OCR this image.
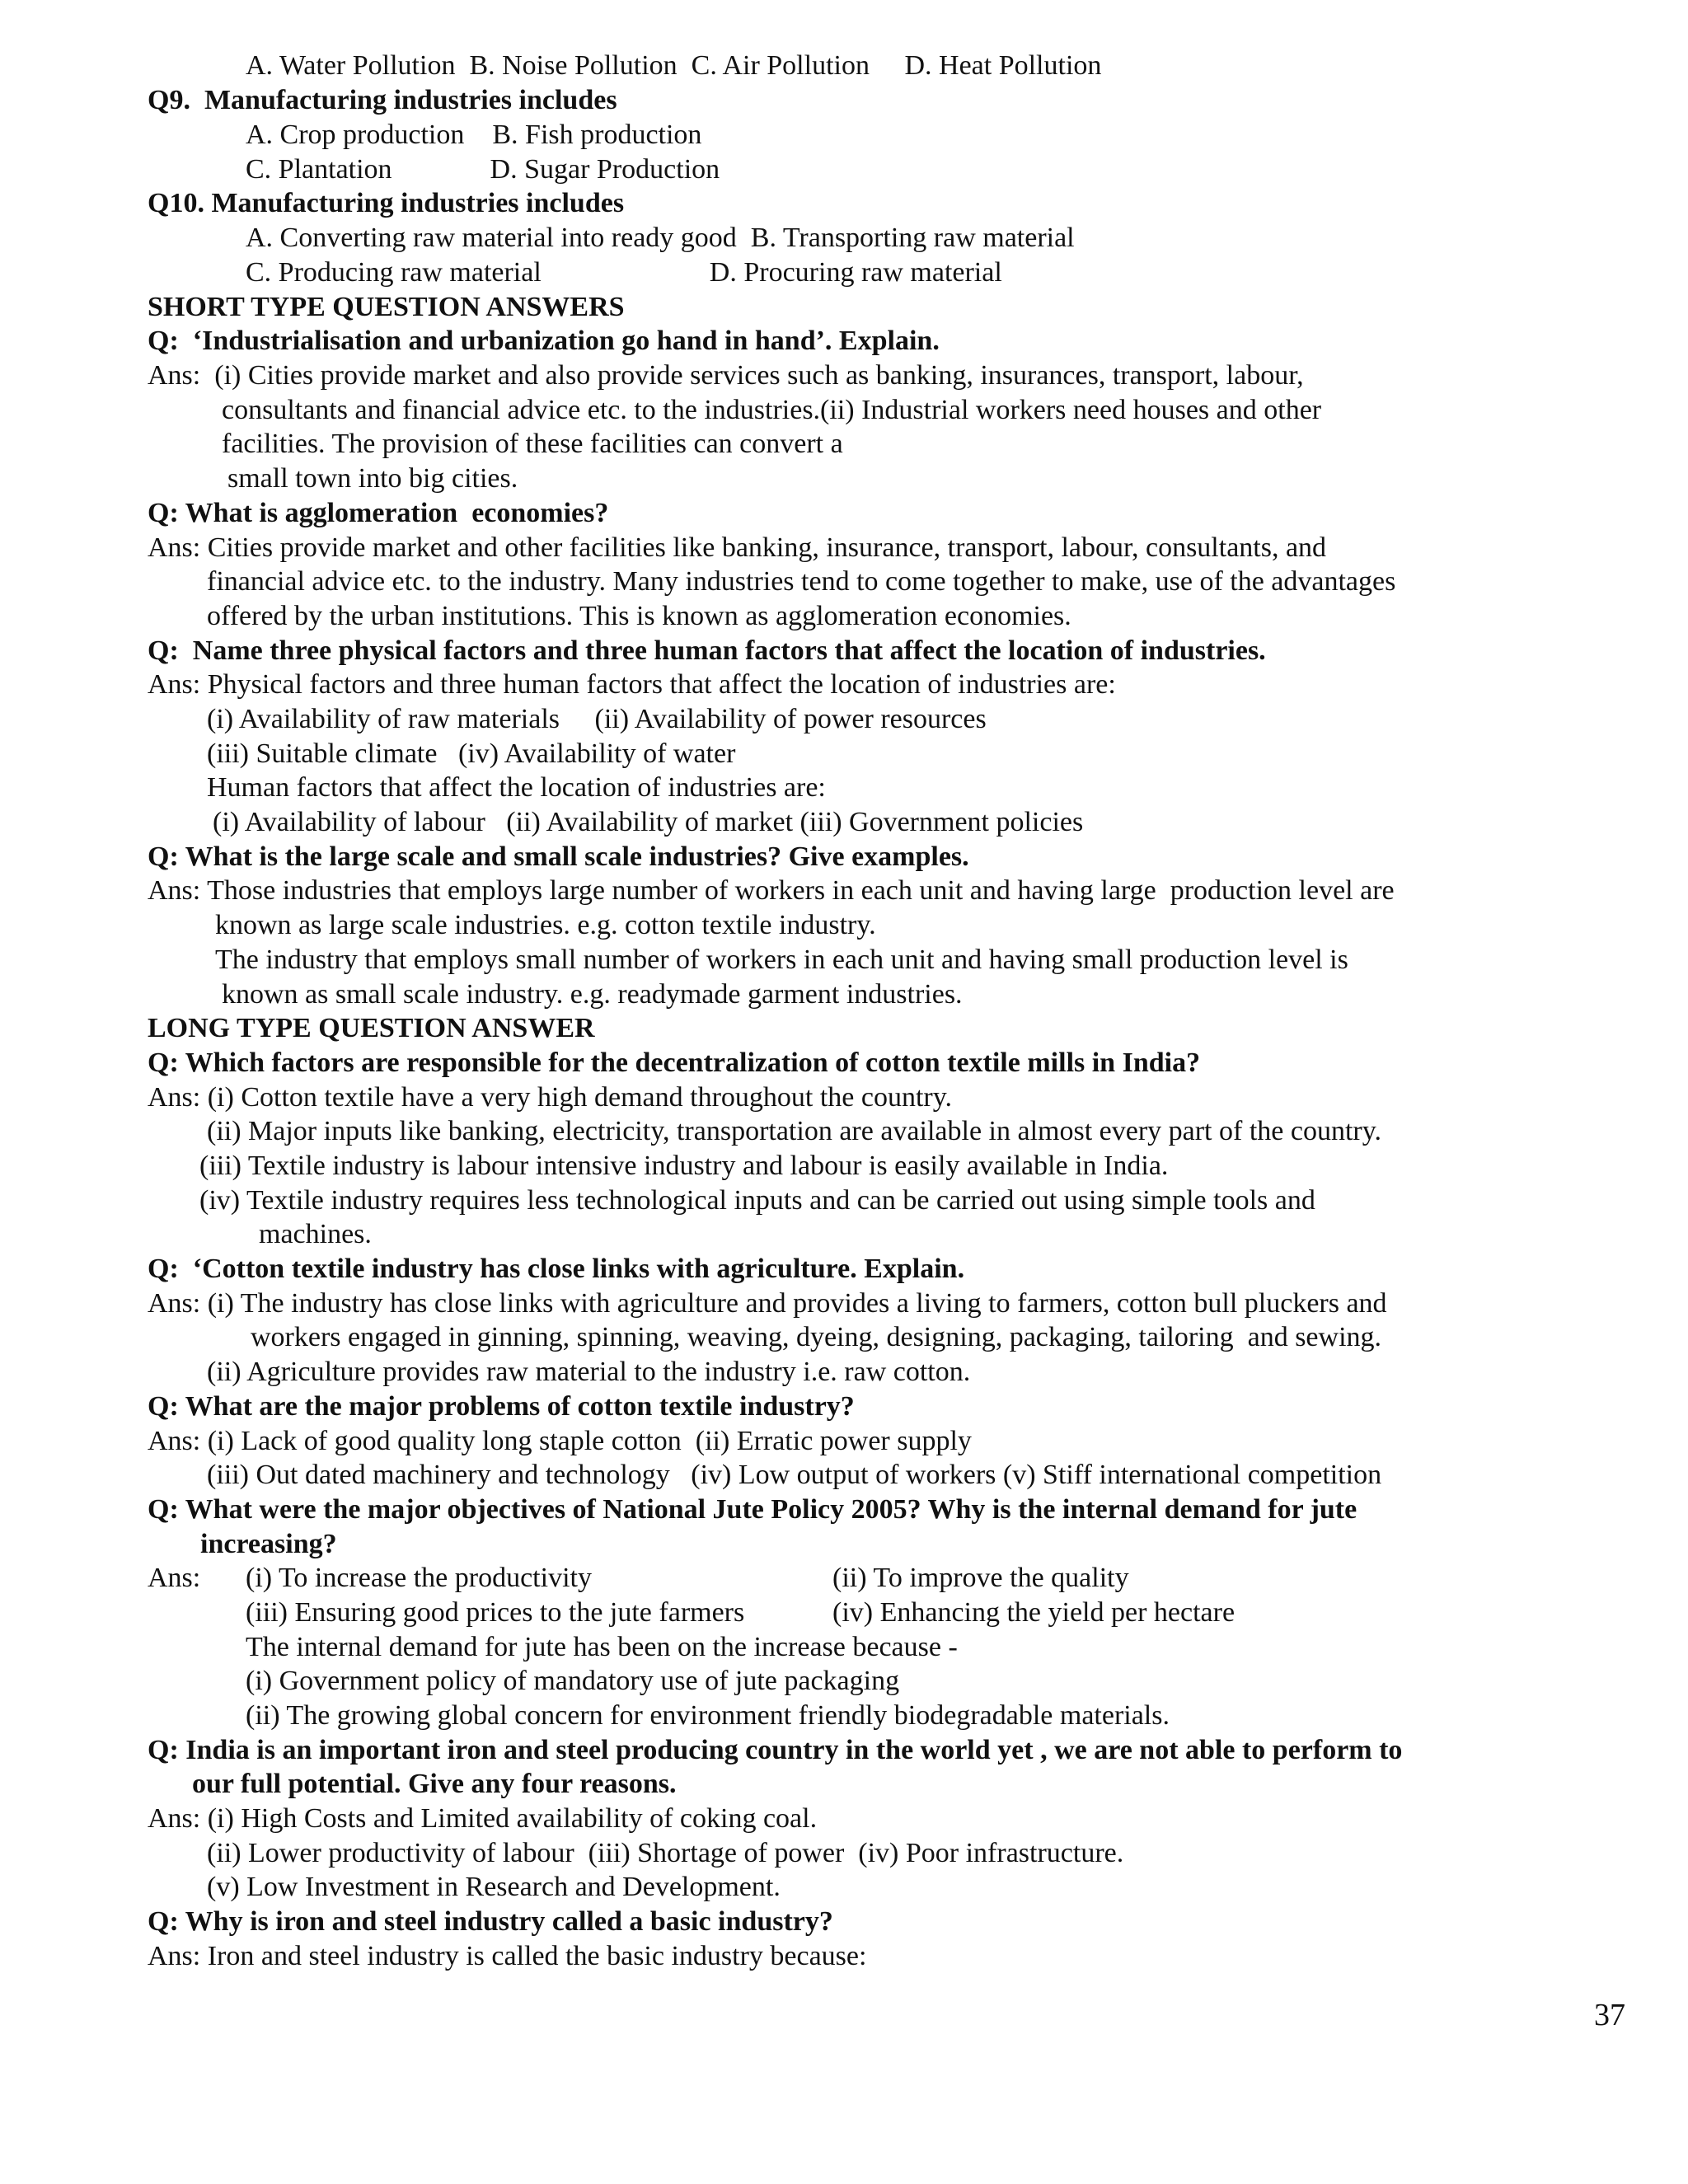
A. Water Pollution  B. Noise Pollution  C. Air Pollution     D. Heat Pollution

Q9.  Manufacturing industries includes

A. Crop production    B. Fish production

C. Plantation              D. Sugar Production

Q10. Manufacturing industries includes

A. Converting raw material into ready good  B. Transporting raw material

C. Producing raw material                        D. Procuring raw material

SHORT TYPE QUESTION ANSWERS

Q:  ‘Industrialisation and urbanization go hand in hand’. Explain.

Ans:  (i) Cities provide market and also provide services such as banking, insurances, transport, labour,

consultants and financial advice etc. to the industries.(ii) Industrial workers need houses and other

facilities. The provision of these facilities can convert a

small town into big cities.

Q: What is agglomeration  economies?

Ans: Cities provide market and other facilities like banking, insurance, transport, labour, consultants, and

financial advice etc. to the industry. Many industries tend to come together to make, use of the advantages

offered by the urban institutions. This is known as agglomeration economies.

Q:  Name three physical factors and three human factors that affect the location of industries.

Ans: Physical factors and three human factors that affect the location of industries are:

(i) Availability of raw materials     (ii) Availability of power resources

(iii) Suitable climate   (iv) Availability of water

Human factors that affect the location of industries are:

(i) Availability of labour   (ii) Availability of market (iii) Government policies

Q: What is the large scale and small scale industries? Give examples.

Ans: Those industries that employs large number of workers in each unit and having large  production level are

known as large scale industries. e.g. cotton textile industry.

The industry that employs small number of workers in each unit and having small production level is

known as small scale industry. e.g. readymade garment industries.

LONG TYPE QUESTION ANSWER

Q: Which factors are responsible for the decentralization of cotton textile mills in India?

Ans: (i) Cotton textile have a very high demand throughout the country.

(ii) Major inputs like banking, electricity, transportation are available in almost every part of the country.

(iii) Textile industry is labour intensive industry and labour is easily available in India.

(iv) Textile industry requires less technological inputs and can be carried out using simple tools and

machines.

Q:  ‘Cotton textile industry has close links with agriculture. Explain.

Ans: (i) The industry has close links with agriculture and provides a living to farmers, cotton bull pluckers and

workers engaged in ginning, spinning, weaving, dyeing, designing, packaging, tailoring  and sewing.

(ii) Agriculture provides raw material to the industry i.e. raw cotton.

Q: What are the major problems of cotton textile industry?

Ans: (i) Lack of good quality long staple cotton  (ii) Erratic power supply

(iii) Out dated machinery and technology   (iv) Low output of workers (v) Stiff international competition

Q: What were the major objectives of National Jute Policy 2005? Why is the internal demand for jute

increasing?

Ans: (i) To increase the productivity	(ii) To improve the quality

(iii) Ensuring good prices to the jute farmers	(iv) Enhancing the yield per hectare

The internal demand for jute has been on the increase because -

(i) Government policy of mandatory use of jute packaging

(ii) The growing global concern for environment friendly biodegradable materials.

Q: India is an important iron and steel producing country in the world yet , we are not able to perform to

our full potential. Give any four reasons.

Ans: (i) High Costs and Limited availability of coking coal.

(ii) Lower productivity of labour  (iii) Shortage of power  (iv) Poor infrastructure.

(v) Low Investment in Research and Development.

Q: Why is iron and steel industry called a basic industry?

Ans: Iron and steel industry is called the basic industry because:

37
